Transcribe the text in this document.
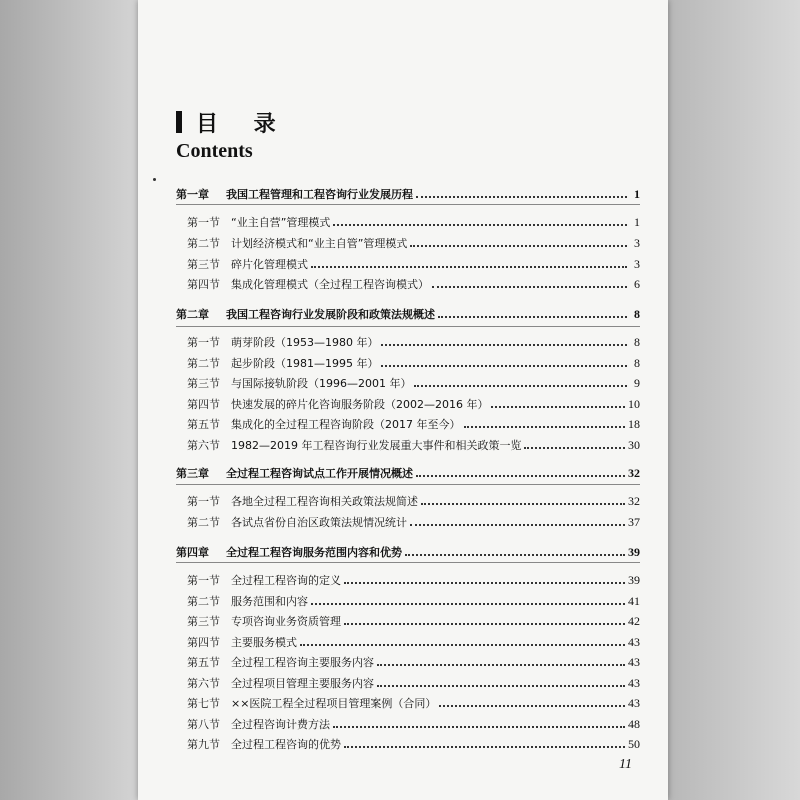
目 录
Contents
第一章	我国工程管理和工程咨询行业发展历程	1
第一节	“业主自营”管理模式	1
第二节	计划经济模式和“业主自管”管理模式	3
第三节	碎片化管理模式	3
第四节	集成化管理模式（全过程工程咨询模式）	6
第二章	我国工程咨询行业发展阶段和政策法规概述	8
第一节	萌芽阶段（1953—1980 年）	8
第二节	起步阶段（1981—1995 年）	8
第三节	与国际接轨阶段（1996—2001 年）	9
第四节	快速发展的碎片化咨询服务阶段（2002—2016 年）	10
第五节	集成化的全过程工程咨询阶段（2017 年至今）	18
第六节	1982—2019 年工程咨询行业发展重大事件和相关政策一览	30
第三章	全过程工程咨询试点工作开展情况概述	32
第一节	各地全过程工程咨询相关政策法规简述	32
第二节	各试点省份自治区政策法规情况统计	37
第四章	全过程工程咨询服务范围内容和优势	39
第一节	全过程工程咨询的定义	39
第二节	服务范围和内容	41
第三节	专项咨询业务资质管理	42
第四节	主要服务模式	43
第五节	全过程工程咨询主要服务内容	43
第六节	全过程项目管理主要服务内容	43
第七节	××医院工程全过程项目管理案例（合同）	43
第八节	全过程咨询计费方法	48
第九节	全过程工程咨询的优势	50
11
